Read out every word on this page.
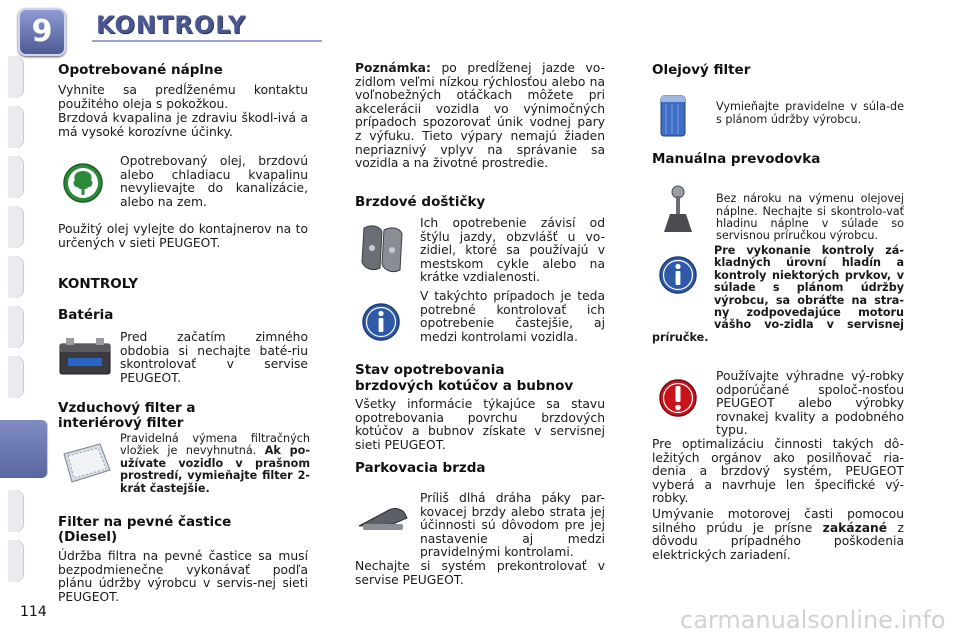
9	KONTROLY
Opotrebované náplne

Vyhnite sa predĺženému kontaktu použitého oleja s pokožkou.

Brzdová kvapalina je zdraviu škodl-ivá a má vysoké korozívne účinky.

Opotrebovaný olej, brzdovú alebo chladiacu kvapalinu nevylievajte do kanalizácie, alebo na zem.

Použitý olej vylejte do kontajnerov na to určených v sieti PEUGEOT.

KONTROLY
Batéria

Pred začatím zimného obdobia si nechajte baté-riu skontrolovať v servise PEUGEOT.

Vzduchový filter a
interiérový filter
Pravidelná výmena filtračných vložiek je nevyhnutná. Ak po-užívate vozidlo v prašnom prostredí, vymieňajte filter 2-krát častejšie.
Filter na pevné častice
(Diesel)

Údržba filtra na pevné častice sa musí bezpodmienečne vykonávať podľa plánu údržby výrobcu v servis-nej sieti PEUGEOT.

Poznámka: po predĺženej jazde vo-zidlom veľmi nízkou rýchlosťou alebo na voľnobežných otáčkach môžete pri akcelerácii vozidla vo výnimočných prípadoch spozorovať únik vodnej pary z výfuku. Tieto výpary nemajú žiaden nepriaznivý vplyv na správanie sa vozidla a na životné prostredie.

Brzdové doštičky

Ich opotrebenie závisí od štýlu jazdy, obzvlášť u vo-zidiel, ktoré sa používajú v mestskom cykle alebo na krátke vzdialenosti.

V takýchto prípadoch je teda potrebné kontrolovať ich opotrebenie častejšie, aj medzi kontrolami vozidla.

Stav opotrebovania
brzdových kotúčov a bubnov

Všetky informácie týkajúce sa stavu opotrebovania povrchu brzdových kotúčov a bubnov získate v servisnej sieti PEUGEOT.

Parkovacia brzda

Príliš dlhá dráha páky par-kovacej brzdy alebo strata jej účinnosti sú dôvodom pre jej nastavenie aj medzi pravidelnými kontrolami.

Nechajte si systém prekontrolovať v servise PEUGEOT.

Olejový filter

Vymieňajte pravidelne v súla-de s plánom údržby výrobcu.

Manuálna prevodovka

Bez nároku na výmenu olejovej náplne. Nechajte si skontrolo-vať hladinu náplne v súlade so servisnou príručkou výrobcu.

Pre vykonanie kontroly zá-kladných úrovní hladín a kontroly niektorých prvkov, v súlade s plánom údržby výrobcu, sa obráťte na stra-ny zodpovedajúce motoru vášho vo-zidla v servisnej príručke.

Používajte výhradne vý-robky odporúčané spoloč-nosťou PEUGEOT alebo výrobky rovnakej kvality a podobného typu.

Pre optimalizáciu činnosti takých dô-ležitých orgánov ako posilňovač ria-denia a brzdový systém, PEUGEOT vyberá a navrhuje len špecifické vý-robky.

Umývanie motorovej časti pomocou silného prúdu je prísne zakázané z dôvodu prípadného poškodenia elektrických zariadení.

114	carmanualsonline.info
